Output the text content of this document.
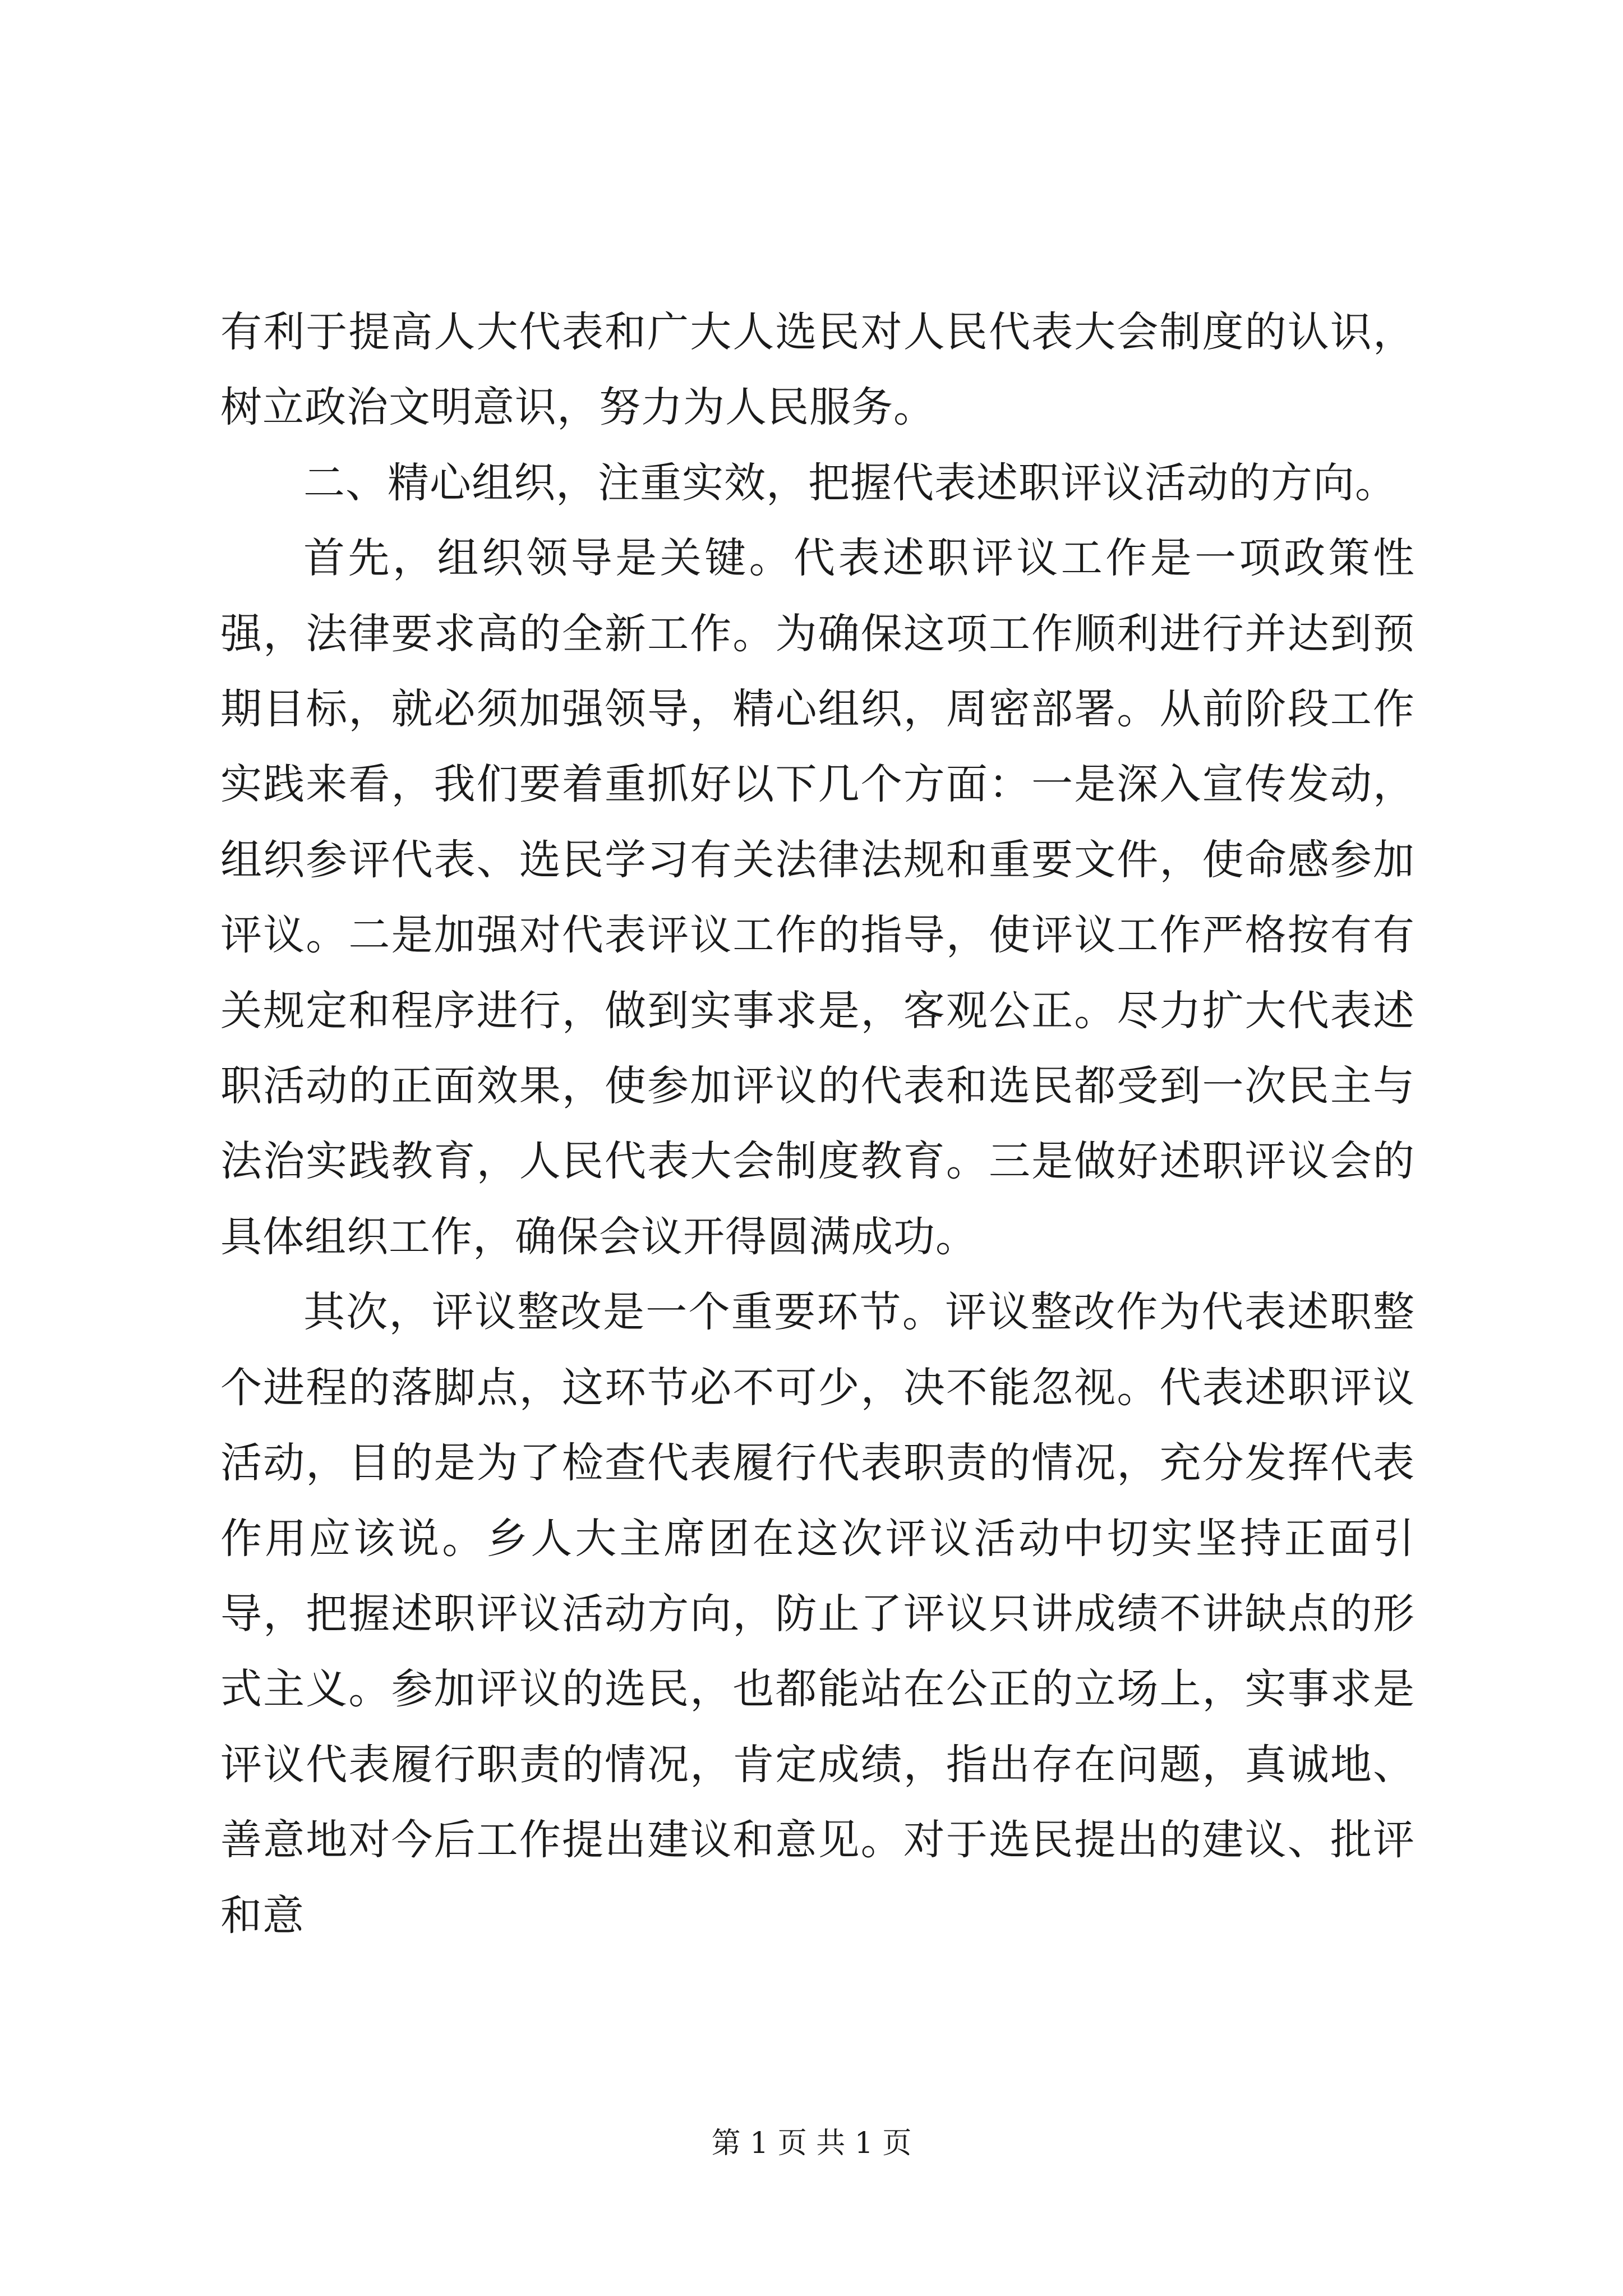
有利于提高人大代表和广大人选民对人民代表大会制度的认识，树立政治文明意识，努力为人民服务。

二、精心组织，注重实效，把握代表述职评议活动的方向。

首先，组织领导是关键。代表述职评议工作是一项政策性强，法律要求高的全新工作。为确保这项工作顺利进行并达到预期目标，就必须加强领导，精心组织，周密部署。从前阶段工作实践来看，我们要着重抓好以下几个方面：一是深入宣传发动，组织参评代表、选民学习有关法律法规和重要文件，使命感参加评议。二是加强对代表评议工作的指导，使评议工作严格按有有关规定和程序进行，做到实事求是，客观公正。尽力扩大代表述职活动的正面效果，使参加评议的代表和选民都受到一次民主与法治实践教育，人民代表大会制度教育。三是做好述职评议会的具体组织工作，确保会议开得圆满成功。

其次，评议整改是一个重要环节。评议整改作为代表述职整个进程的落脚点，这环节必不可少，决不能忽视。代表述职评议活动，目的是为了检查代表履行代表职责的情况，充分发挥代表作用应该说。乡人大主席团在这次评议活动中切实坚持正面引导，把握述职评议活动方向，防止了评议只讲成绩不讲缺点的形式主义。参加评议的选民，也都能站在公正的立场上，实事求是评议代表履行职责的情况，肯定成绩，指出存在问题，真诚地、善意地对今后工作提出建议和意见。对于选民提出的建议、批评和意

第 1 页 共 1 页
